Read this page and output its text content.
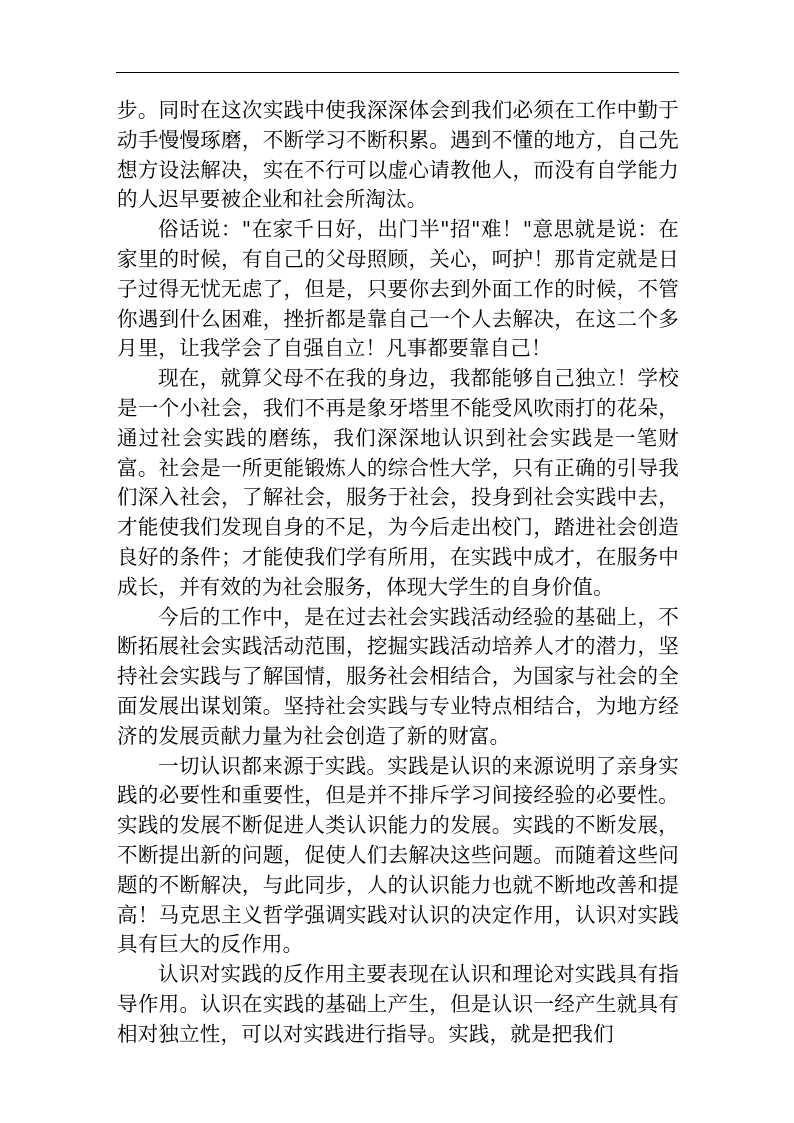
步。同时在这次实践中使我深深体会到我们必须在工作中勤于动手慢慢琢磨，不断学习不断积累。遇到不懂的地方，自己先想方设法解决，实在不行可以虚心请教他人，而没有自学能力的人迟早要被企业和社会所淘汰。

俗话说："在家千日好，出门半"招"难！"意思就是说：在家里的时候，有自己的父母照顾，关心，呵护！那肯定就是日子过得无忧无虑了，但是，只要你去到外面工作的时候，不管你遇到什么困难，挫折都是靠自己一个人去解决，在这二个多月里，让我学会了自强自立！凡事都要靠自己！

现在，就算父母不在我的身边，我都能够自己独立！学校是一个小社会，我们不再是象牙塔里不能受风吹雨打的花朵，通过社会实践的磨练，我们深深地认识到社会实践是一笔财富。社会是一所更能锻炼人的综合性大学，只有正确的引导我们深入社会，了解社会，服务于社会，投身到社会实践中去，才能使我们发现自身的不足，为今后走出校门，踏进社会创造良好的条件；才能使我们学有所用，在实践中成才，在服务中成长，并有效的为社会服务，体现大学生的自身价值。

今后的工作中，是在过去社会实践活动经验的基础上，不断拓展社会实践活动范围，挖掘实践活动培养人才的潜力，坚持社会实践与了解国情，服务社会相结合，为国家与社会的全面发展出谋划策。坚持社会实践与专业特点相结合，为地方经济的发展贡献力量为社会创造了新的财富。

一切认识都来源于实践。实践是认识的来源说明了亲身实践的必要性和重要性，但是并不排斥学习间接经验的必要性。实践的发展不断促进人类认识能力的发展。实践的不断发展，不断提出新的问题，促使人们去解决这些问题。而随着这些问题的不断解决，与此同步，人的认识能力也就不断地改善和提高！马克思主义哲学强调实践对认识的决定作用，认识对实践具有巨大的反作用。

认识对实践的反作用主要表现在认识和理论对实践具有指导作用。认识在实践的基础上产生，但是认识一经产生就具有相对独立性，可以对实践进行指导。实践，就是把我们
